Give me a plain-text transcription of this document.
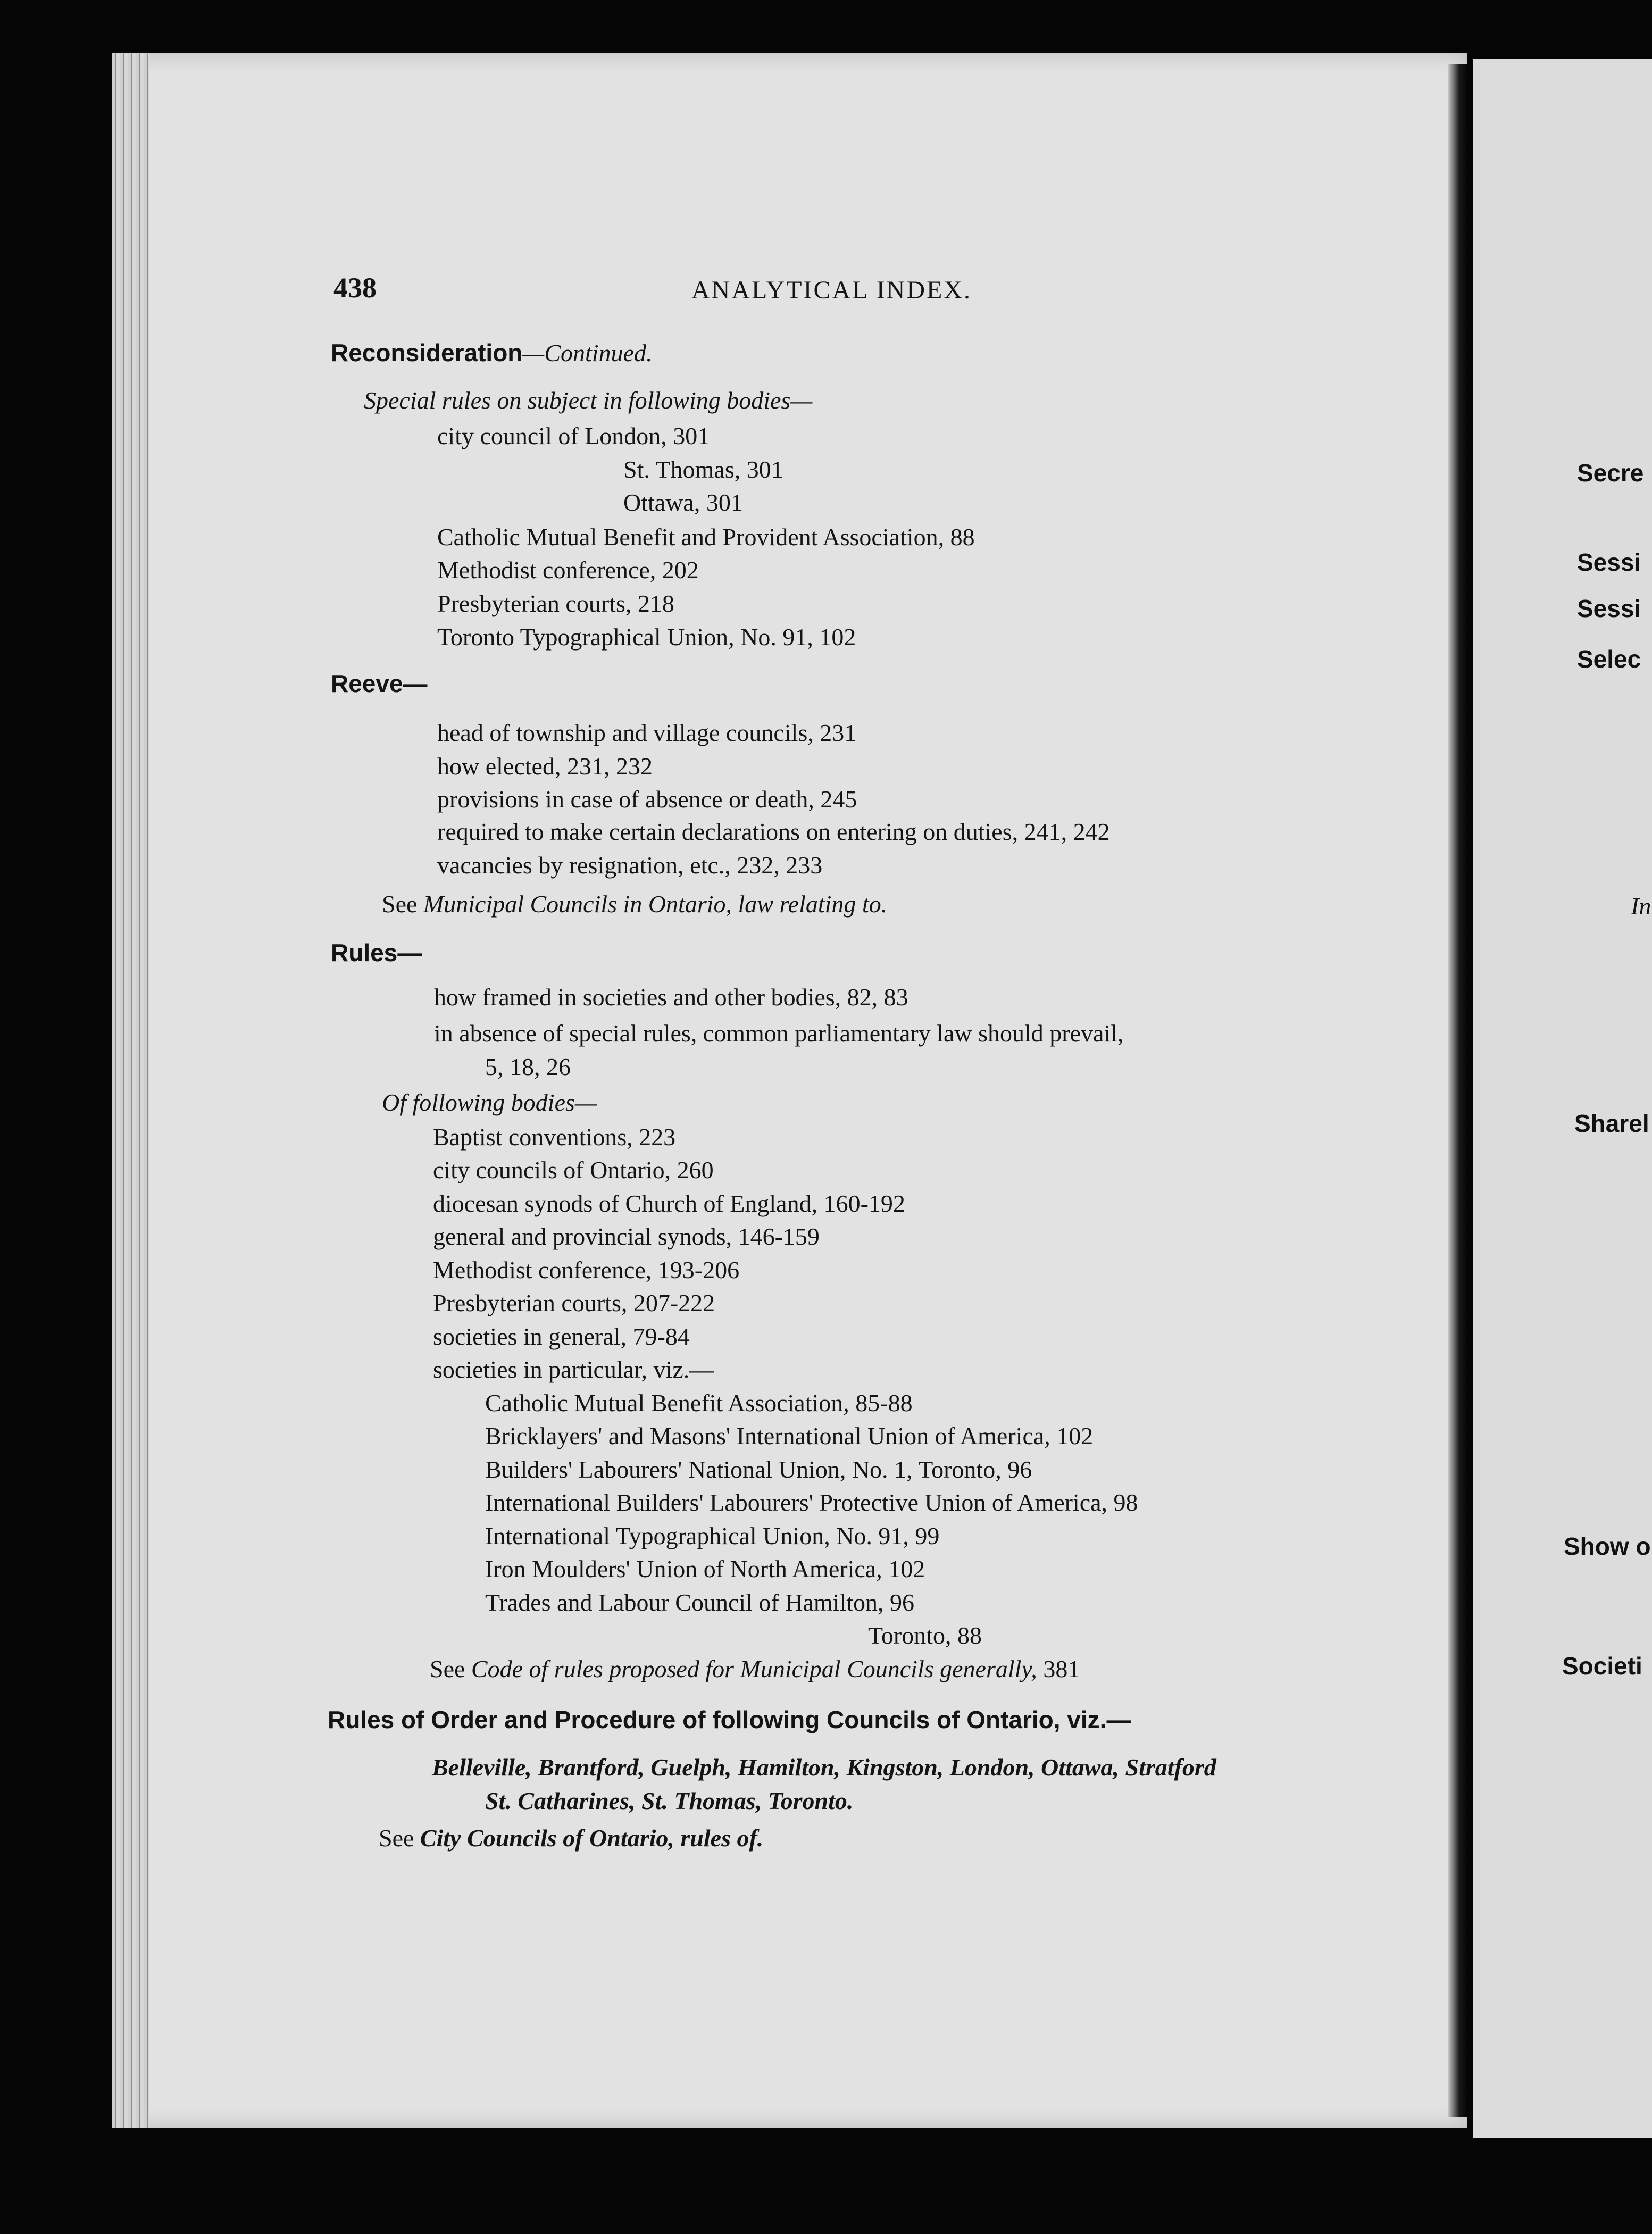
438	ANALYTICAL INDEX.
Reconsideration—Continued.
Special rules on subject in following bodies—
city council of London, 301
St. Thomas, 301
Ottawa, 301
Catholic Mutual Benefit and Provident Association, 88
Methodist conference, 202
Presbyterian courts, 218
Toronto Typographical Union, No. 91, 102
Reeve—
head of township and village councils, 231
how elected, 231, 232
provisions in case of absence or death, 245
required to make certain declarations on entering on duties, 241, 242
vacancies by resignation, etc., 232, 233
See Municipal Councils in Ontario, law relating to.
Rules—
how framed in societies and other bodies, 82, 83
in absence of special rules, common parliamentary law should prevail,
5, 18, 26
Of following bodies—
Baptist conventions, 223
city councils of Ontario, 260
diocesan synods of Church of England, 160-192
general and provincial synods, 146-159
Methodist conference, 193-206
Presbyterian courts, 207-222
societies in general, 79-84
societies in particular, viz.—
Catholic Mutual Benefit Association, 85-88
Bricklayers' and Masons' International Union of America, 102
Builders' Labourers' National Union, No. 1, Toronto, 96
International Builders' Labourers' Protective Union of America, 98
International Typographical Union, No. 91, 99
Iron Moulders' Union of North America, 102
Trades and Labour Council of Hamilton, 96
Toronto, 88
See Code of rules proposed for Municipal Councils generally, 381
Rules of Order and Procedure of following Councils of Ontario, viz.—
Belleville, Brantford, Guelph, Hamilton, Kingston, London, Ottawa, Stratford
St. Catharines, St. Thomas, Toronto.
See City Councils of Ontario, rules of.
Secre
Sessi
Sessi
Selec
In
Sharel
Show o
Societi
